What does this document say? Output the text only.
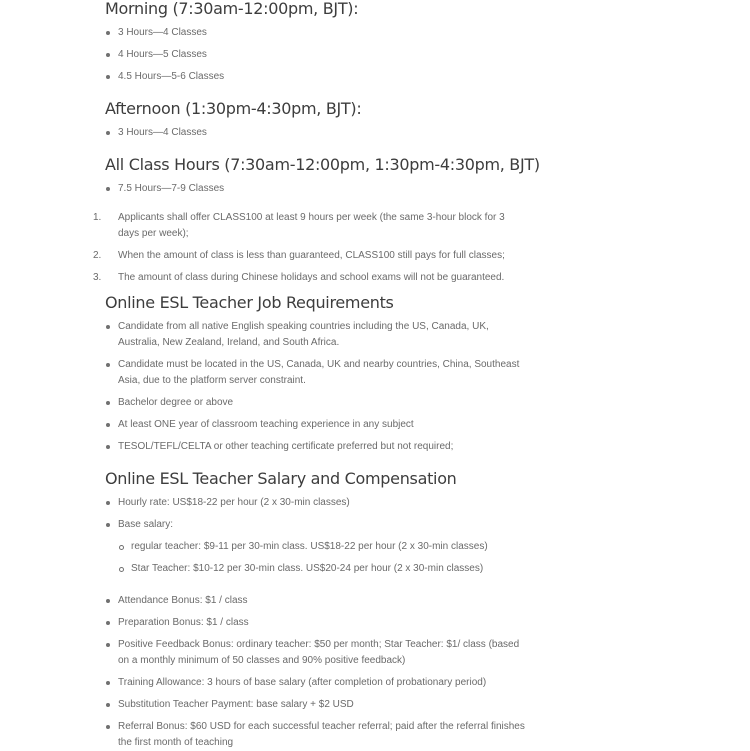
Morning (7:30am-12:00pm, BJT):
3 Hours—4 Classes
4 Hours—5 Classes
4.5 Hours—5-6 Classes
Afternoon (1:30pm-4:30pm, BJT):
3 Hours—4 Classes
All Class Hours (7:30am-12:00pm, 1:30pm-4:30pm, BJT)
7.5 Hours—7-9 Classes
1. Applicants shall offer CLASS100 at least 9 hours per week (the same 3-hour block for 3 days per week);
2. When the amount of class is less than guaranteed, CLASS100 still pays for full classes;
3. The amount of class during Chinese holidays and school exams will not be guaranteed.
Online ESL Teacher Job Requirements
Candidate from all native English speaking countries including the US, Canada, UK, Australia, New Zealand, Ireland, and South Africa.
Candidate must be located in the US, Canada, UK and nearby countries, China, Southeast Asia, due to the platform server constraint.
Bachelor degree or above
At least ONE year of classroom teaching experience in any subject
TESOL/TEFL/CELTA or other teaching certificate preferred but not required;
Online ESL Teacher Salary and Compensation
Hourly rate: US$18-22 per hour (2 x 30-min classes)
Base salary:
regular teacher: $9-11 per 30-min class. US$18-22 per hour (2 x 30-min classes)
Star Teacher: $10-12 per 30-min class. US$20-24 per hour (2 x 30-min classes)
Attendance Bonus: $1 / class
Preparation Bonus: $1 / class
Positive Feedback Bonus: ordinary teacher: $50 per month; Star Teacher: $1/ class (based on a monthly minimum of 50 classes and 90% positive feedback)
Training Allowance: 3 hours of base salary (after completion of probationary period)
Substitution Teacher Payment: base salary + $2 USD
Referral Bonus: $60 USD for each successful teacher referral; paid after the referral finishes the first month of teaching
